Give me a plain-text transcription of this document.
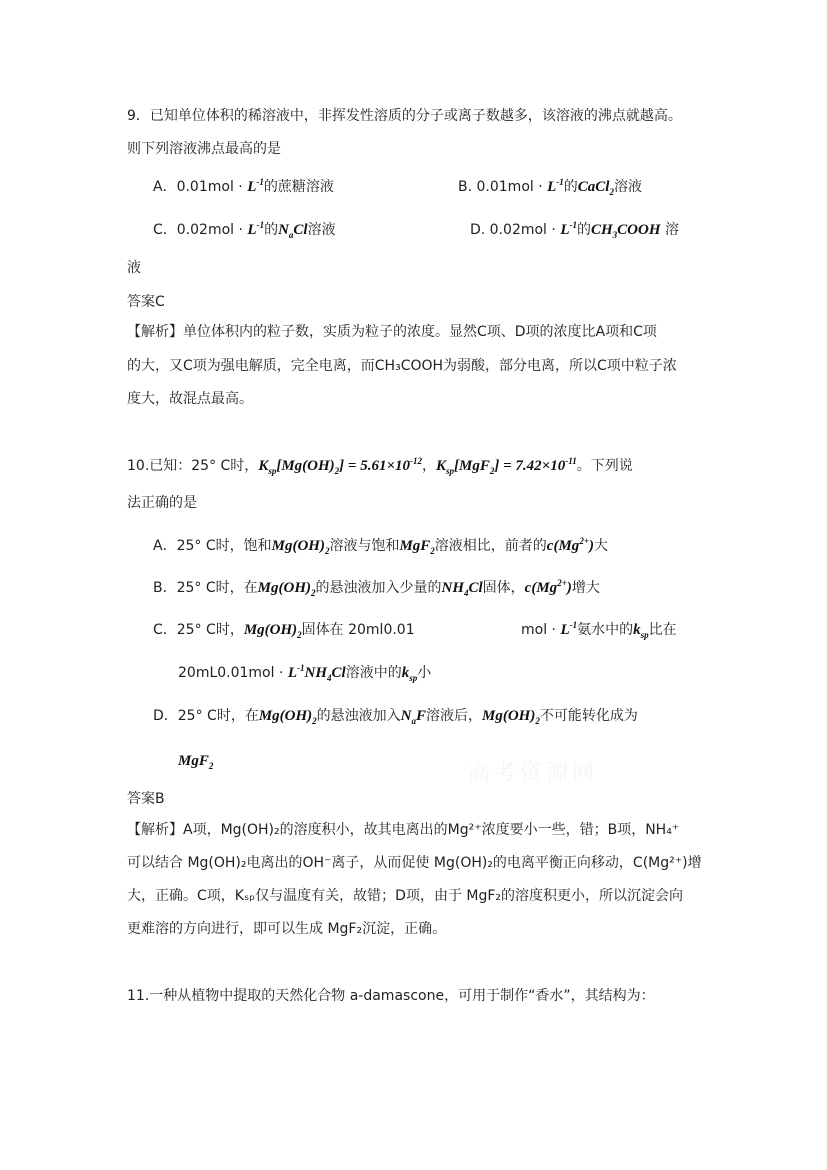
9．已知单位体积的稀溶液中，非挥发性溶质的分子或离子数越多，该溶液的沸点就越高。
则下列溶液沸点最高的是
A．$0.01mol \cdot L^{-1}$的蔗糖溶液	B. $0.01mol \cdot L^{-1}$的CaCl$_2$溶液
C．$0.02mol \cdot L^{-1}$的$N_aCl$溶液	D. $0.02mol \cdot L^{-1}$的$CH_3COOH$ 溶
液
答案C
【解析】单位体积内的粒子数，实质为粒子的浓度。显然C项、D项的浓度比A项和C项
的大，又C项为强电解质，完全电离，而CH₃COOH为弱酸，部分电离，所以C项中粒子浓
度大，故混点最高。
10.已知：25° C时，$K_{sp}[Mg(OH)_2] = 5.61\times 10^{-12}$，$K_{sp}[MgF_2] = 7.42\times 10^{-11}$。下列说
法正确的是
A．25° C时，饱和$Mg(OH)_2$溶液与饱和MgF$_2$溶液相比，前者的$c(Mg^{2+})$大
B．25° C时，在$Mg(OH)_2$的悬浊液加入少量的$NH_4Cl$固体，$c(Mg^{2+})$增大
C．25° C时，$Mg(OH)_2$固体在 20ml0.01	mol · $L^{-1}$氨水中的$k_{sp}$比在
$20mL0.01mol \cdot L^{-1}NH_4Cl$溶液中的$k_{sp}$小
D．25° C时，在$Mg(OH)_2$的悬浊液加入$N_aF$溶液后，$Mg(OH)_2$不可能转化成为
MgF$_2$	高考资源网
答案B
【解析】A项，Mg(OH)₂的溶度积小，故其电离出的Mg²⁺浓度要小一些，错；B项，NH₄⁺
可以结合 Mg(OH)₂电离出的OH⁻离子，从而促使 Mg(OH)₂的电离平衡正向移动，C(Mg²⁺)增
大，正确。C项，Kₛₚ仅与温度有关，故错；D项，由于 MgF₂的溶度积更小，所以沉淀会向
更难溶的方向进行，即可以生成 MgF₂沉淀，正确。
11.一种从植物中提取的天然化合物 a-damascone，可用于制作“香水”，其结构为：
